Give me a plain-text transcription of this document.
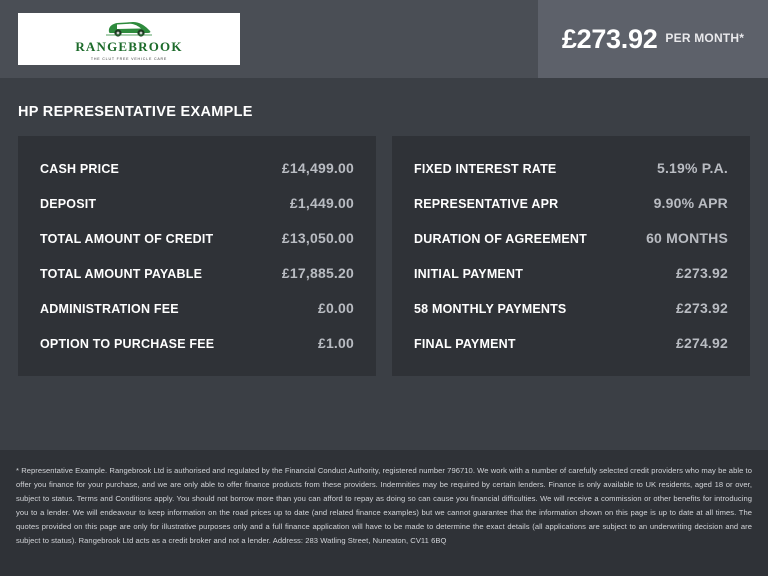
RANGEBROOK
THE CLUT FREE VEHICLE CARE
£273.92 PER MONTH*
HP REPRESENTATIVE EXAMPLE
CASH PRICE	£14,499.00
DEPOSIT	£1,449.00
TOTAL AMOUNT OF CREDIT	£13,050.00
TOTAL AMOUNT PAYABLE	£17,885.20
ADMINISTRATION FEE	£0.00
OPTION TO PURCHASE FEE	£1.00
FIXED INTEREST RATE	5.19% P.A.
REPRESENTATIVE APR	9.90% APR
DURATION OF AGREEMENT	60 MONTHS
INITIAL PAYMENT	£273.92
58 MONTHLY PAYMENTS	£273.92
FINAL PAYMENT	£274.92
* Representative Example. Rangebrook Ltd is authorised and regulated by the Financial Conduct Authority, registered number 796710. We work with a number of carefully selected credit providers who may be able to offer you finance for your purchase, and we are only able to offer finance products from these providers. Indemnities may be required by certain lenders. Finance is only available to UK residents, aged 18 or over, subject to status. Terms and Conditions apply. You should not borrow more than you can afford to repay as doing so can cause you financial difficulties. We will receive a commission or other benefits for introducing you to a lender. We will endeavour to keep information on the road prices up to date (and related finance examples) but we cannot guarantee that the information shown on this page is up to date at all times. The quotes provided on this page are only for illustrative purposes only and a full finance application will have to be made to determine the exact details (all applications are subject to an underwriting decision and are subject to status). Rangebrook Ltd acts as a credit broker and not a lender. Address: 283 Watling Street, Nuneaton, CV11 6BQ
